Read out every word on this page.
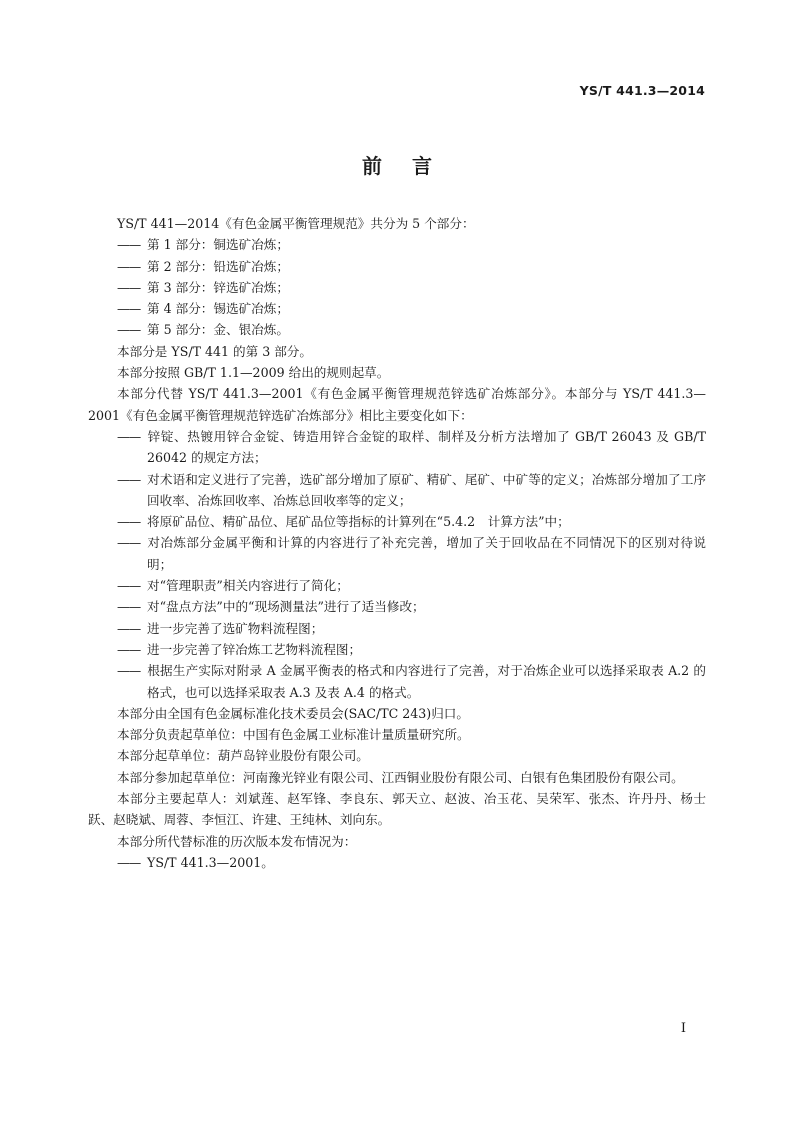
YS/T 441.3—2014
前言

YS/T 441—2014《有色金属平衡管理规范》共分为 5 个部分：

—— 第 1 部分：铜选矿冶炼；

—— 第 2 部分：铅选矿冶炼；

—— 第 3 部分：锌选矿冶炼；

—— 第 4 部分：锡选矿冶炼；

—— 第 5 部分：金、银冶炼。

本部分是 YS/T 441 的第 3 部分。

本部分按照 GB/T 1.1—2009 给出的规则起草。

本部分代替 YS/T 441.3—2001《有色金属平衡管理规范锌选矿冶炼部分》。本部分与 YS/T 441.3—2001《有色金属平衡管理规范锌选矿冶炼部分》相比主要变化如下：

—— 锌锭、热镀用锌合金锭、铸造用锌合金锭的取样、制样及分析方法增加了 GB/T 26043 及 GB/T 26042 的规定方法；

—— 对术语和定义进行了完善，选矿部分增加了原矿、精矿、尾矿、中矿等的定义；冶炼部分增加了工序回收率、冶炼回收率、冶炼总回收率等的定义；

—— 将原矿品位、精矿品位、尾矿品位等指标的计算列在“5.4.2　计算方法”中；

—— 对冶炼部分金属平衡和计算的内容进行了补充完善，增加了关于回收品在不同情况下的区别对待说明；

—— 对“管理职责”相关内容进行了简化；

—— 对“盘点方法”中的“现场测量法”进行了适当修改；

—— 进一步完善了选矿物料流程图；

—— 进一步完善了锌冶炼工艺物料流程图；

—— 根据生产实际对附录 A 金属平衡表的格式和内容进行了完善，对于冶炼企业可以选择采取表 A.2 的格式，也可以选择采取表 A.3 及表 A.4 的格式。

本部分由全国有色金属标准化技术委员会(SAC/TC 243)归口。

本部分负责起草单位：中国有色金属工业标准计量质量研究所。

本部分起草单位：葫芦岛锌业股份有限公司。

本部分参加起草单位：河南豫光锌业有限公司、江西铜业股份有限公司、白银有色集团股份有限公司。

本部分主要起草人：刘斌莲、赵军锋、李良东、郭天立、赵波、冶玉花、吴荣军、张杰、许丹丹、杨士跃、赵晓斌、周蓉、李恒江、许建、王纯林、刘向东。

本部分所代替标准的历次版本发布情况为：

—— YS/T 441.3—2001。

I
